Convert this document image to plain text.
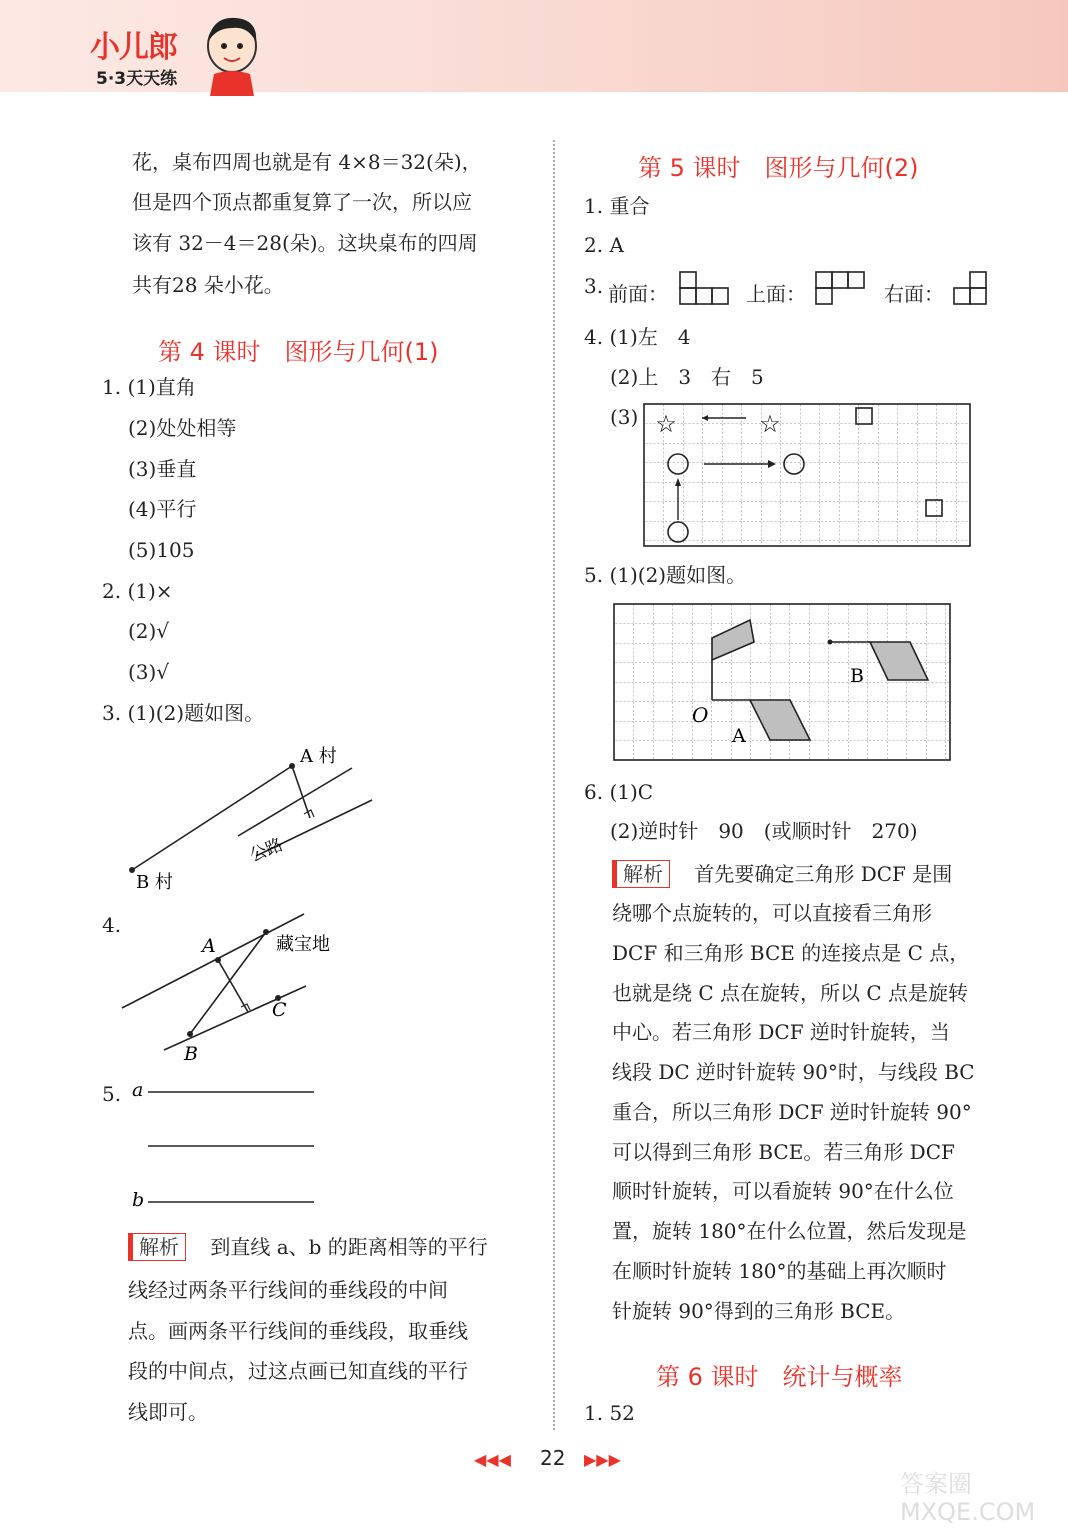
小儿郎
5·3天天练
花，桌布四周也就是有 4×8＝32(朵)，
但是四个顶点都重复算了一次，所以应
该有 32－4＝28(朵)。这块桌布的四周
共有28 朵小花。
第 4 课时　图形与几何(1)
1. (1)直角
(2)处处相等
(3)垂直
(4)平行
(5)105
2. (1)×
(2)√
(3)√
3. (1)(2)题如图。
A 村
B 村
公路
4.
A
B
C
藏宝地
5. a
b
解析 到直线 a、b 的距离相等的平行
线经过两条平行线间的垂线段的中间
点。画两条平行线间的垂线段，取垂线
段的中间点，过这点画已知直线的平行
线即可。
第 5 课时　图形与几何(2)
1. 重合
2. A
3. 前面：	上面：	右面：
4. (1)左　4
(2)上　3　右　5
(3) ☆	☆
5. (1)(2)题如图。
B
O
A
6. (1)C
(2)逆时针　90　(或顺时针　270)
解析 首先要确定三角形 DCF 是围
绕哪个点旋转的，可以直接看三角形
DCF 和三角形 BCE 的连接点是 C 点，
也就是绕 C 点在旋转，所以 C 点是旋转
中心。若三角形 DCF 逆时针旋转，当
线段 DC 逆时针旋转 90°时，与线段 BC
重合，所以三角形 DCF 逆时针旋转 90°
可以得到三角形 BCE。若三角形 DCF
顺时针旋转，可以看旋转 90°在什么位
置，旋转 180°在什么位置，然后发现是
在顺时针旋转 180°的基础上再次顺时
针旋转 90°得到的三角形 BCE。
第 6 课时　统计与概率
1. 52
◀◀◀ 22 ▶▶▶
答案圈 MXQE.COM
